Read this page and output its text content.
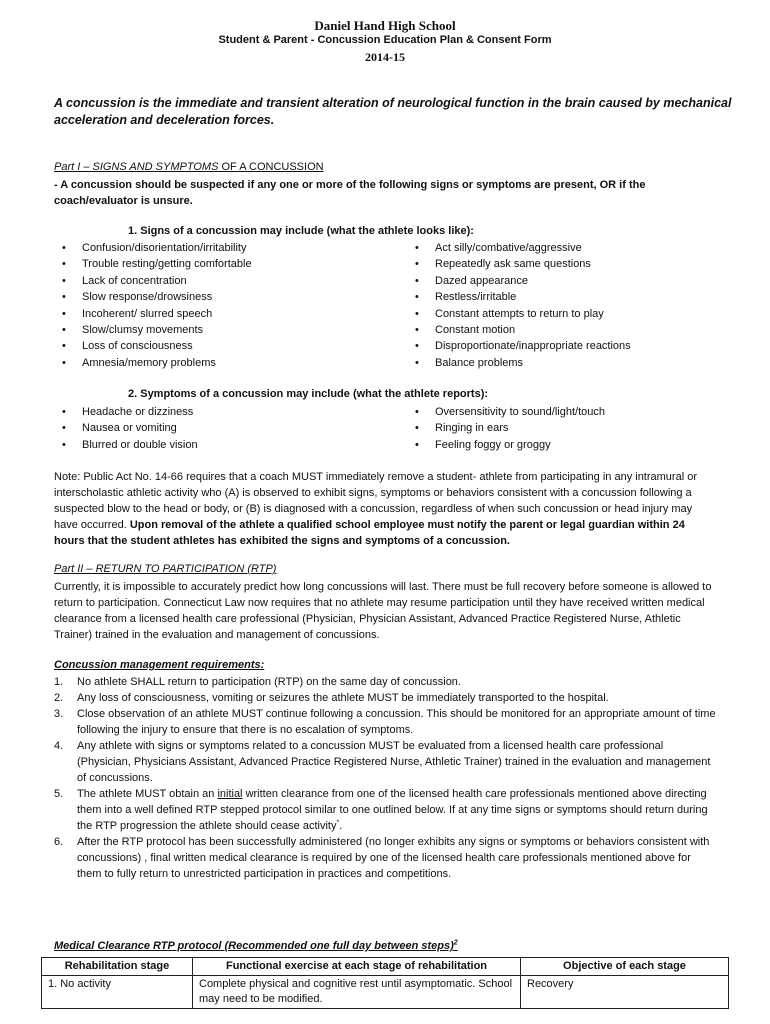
Daniel Hand High School
Student & Parent - Concussion Education Plan & Consent Form
2014-15
A concussion is the immediate and transient alteration of neurological function in the brain caused by mechanical acceleration and deceleration forces.
Part I – SIGNS AND SYMPTOMS OF A CONCUSSION
- A concussion should be suspected if any one or more of the following signs or symptoms are present, OR if the coach/evaluator is unsure.
1. Signs of a concussion may include (what the athlete looks like):
• Confusion/disorientation/irritability
• Trouble resting/getting comfortable
• Lack of concentration
• Slow response/drowsiness
• Incoherent/ slurred speech
• Slow/clumsy movements
• Loss of consciousness
• Amnesia/memory problems
• Act silly/combative/aggressive
• Repeatedly ask same questions
• Dazed appearance
• Restless/irritable
• Constant attempts to return to play
• Constant motion
• Disproportionate/inappropriate reactions
• Balance problems
2. Symptoms of a concussion may include (what the athlete reports):
• Headache or dizziness
• Nausea or vomiting
• Blurred or double vision
• Oversensitivity to sound/light/touch
• Ringing in ears
• Feeling foggy or groggy
Note: Public Act No. 14-66 requires that a coach MUST immediately remove a student- athlete from participating in any intramural or interscholastic athletic activity who (A) is observed to exhibit signs, symptoms or behaviors consistent with a concussion following a suspected blow to the head or body, or (B) is diagnosed with a concussion, regardless of when such concussion or head injury may have occurred. Upon removal of the athlete a qualified school employee must notify the parent or legal guardian within 24 hours that the student athletes has exhibited the signs and symptoms of a concussion.
Part II – RETURN TO PARTICIPATION (RTP)
Currently, it is impossible to accurately predict how long concussions will last. There must be full recovery before someone is allowed to return to participation. Connecticut Law now requires that no athlete may resume participation until they have received written medical clearance from a licensed health care professional (Physician, Physician Assistant, Advanced Practice Registered Nurse, Athletic Trainer) trained in the evaluation and management of concussions.
Concussion management requirements:
1. No athlete SHALL return to participation (RTP) on the same day of concussion.
2. Any loss of consciousness, vomiting or seizures the athlete MUST be immediately transported to the hospital.
3. Close observation of an athlete MUST continue following a concussion. This should be monitored for an appropriate amount of time following the injury to ensure that there is no escalation of symptoms.
4. Any athlete with signs or symptoms related to a concussion MUST be evaluated from a licensed health care professional (Physician, Physicians Assistant, Advanced Practice Registered Nurse, Athletic Trainer) trained in the evaluation and management of concussions.
5. The athlete MUST obtain an initial written clearance from one of the licensed health care professionals mentioned above directing them into a well defined RTP stepped protocol similar to one outlined below. If at any time signs or symptoms should return during the RTP progression the athlete should cease activity*.
6. After the RTP protocol has been successfully administered (no longer exhibits any signs or symptoms or behaviors consistent with concussions) , final written medical clearance is required by one of the licensed health care professionals mentioned above for them to fully return to unrestricted participation in practices and competitions.
Medical Clearance RTP protocol (Recommended one full day between steps)$^2$
Rehabilitation stage	Functional exercise at each stage of rehabilitation	Objective of each stage
1. No activity	Complete physical and cognitive rest until asymptomatic. School may need to be modified.	Recovery
